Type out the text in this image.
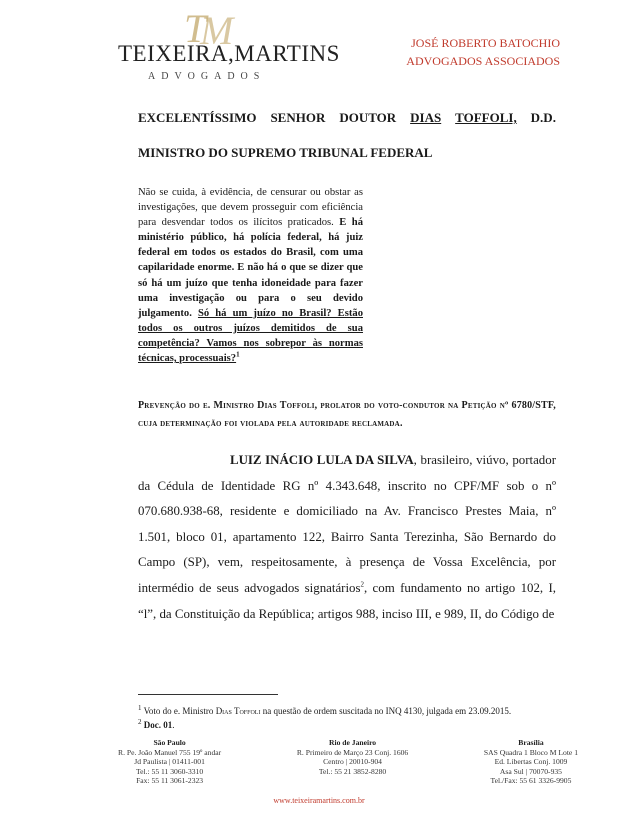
T
M
TEIXEIRA,MARTINS
ADVOGADOS
JOSÉ ROBERTO BATOCHIO
ADVOGADOS ASSOCIADOS
EXCELENTÍSSIMO SENHOR DOUTOR DIAS TOFFOLI, D.D.
MINISTRO DO SUPREMO TRIBUNAL FEDERAL
Não se cuida, à evidência, de censurar ou obstar as investigações, que devem prosseguir com eficiência para desvendar todos os ilícitos praticados. E há ministério público, há polícia federal, há juiz federal em todos os estados do Brasil, com uma capilaridade enorme. E não há o que se dizer que só há um juízo que tenha idoneidade para fazer uma investigação ou para o seu devido julgamento. Só há um juízo no Brasil? Estão todos os outros juízos demitidos de sua competência? Vamos nos sobrepor às normas técnicas, processuais?$^1$
Prevenção do e. Ministro Dias Toffoli, prolator do voto-condutor na Petição nº 6780/STF, cuja determinação foi violada pela autoridade reclamada.
LUIZ INÁCIO LULA DA SILVA, brasileiro, viúvo, portador da Cédula de Identidade RG nº 4.343.648, inscrito no CPF/MF sob o nº 070.680.938-68, residente e domiciliado na Av. Francisco Prestes Maia, nº 1.501, bloco 01, apartamento 122, Bairro Santa Terezinha, São Bernardo do Campo (SP), vem, respeitosamente, à presença de Vossa Excelência, por intermédio de seus advogados signatários$^2$, com fundamento no artigo 102, I, “l”, da Constituição da República; artigos 988, inciso III, e 989, II, do Código de
$^1$ Voto do e. Ministro Dias Toffoli na questão de ordem suscitada no INQ 4130, julgada em 23.09.2015.
$^2$ Doc. 01.
São Paulo
R. Pe. João Manuel 755 19º andar
Jd Paulista | 01411-001
Tel.: 55 11 3060-3310
Fax: 55 11 3061-2323
Rio de Janeiro
R. Primeiro de Março 23 Conj. 1606
Centro | 20010-904
Tel.: 55 21 3852-8280
Brasília
SAS Quadra 1 Bloco M Lote 1
Ed. Libertas Conj. 1009
Asa Sul | 70070-935
Tel./Fax: 55 61 3326-9905
www.teixeiramartins.com.br
